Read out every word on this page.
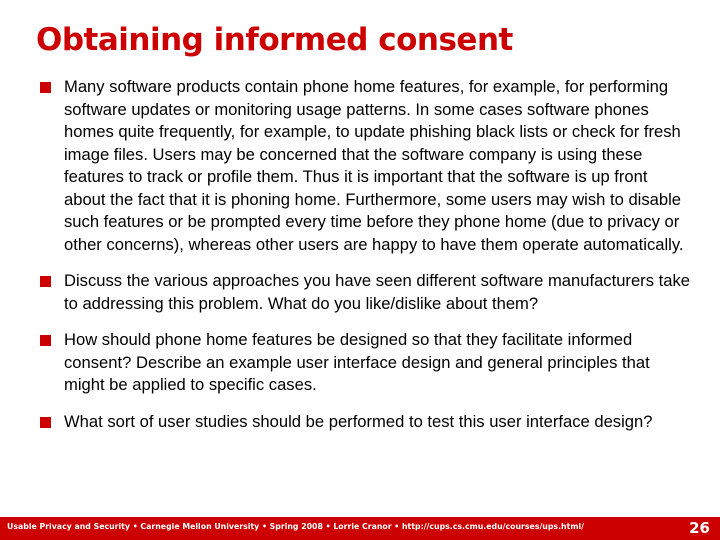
Obtaining informed consent
Many software products contain phone home features, for example, for performing software updates or monitoring usage patterns. In some cases software phones homes quite frequently, for example, to update phishing black lists or check for fresh image files. Users may be concerned that the software company is using these features to track or profile them. Thus it is important that the software is up front about the fact that it is phoning home. Furthermore, some users may wish to disable such features or be prompted every time before they phone home (due to privacy or other concerns), whereas other users are happy to have them operate automatically.
Discuss the various approaches you have seen different software manufacturers take to addressing this problem. What do you like/dislike about them?
How should phone home features be designed so that they facilitate informed consent? Describe an example user interface design and general principles that might be applied to specific cases.
What sort of user studies should be performed to test this user interface design?
Usable Privacy and Security • Carnegie Mellon University • Spring 2008 • Lorrie Cranor • http://cups.cs.cmu.edu/courses/ups.html/	26
